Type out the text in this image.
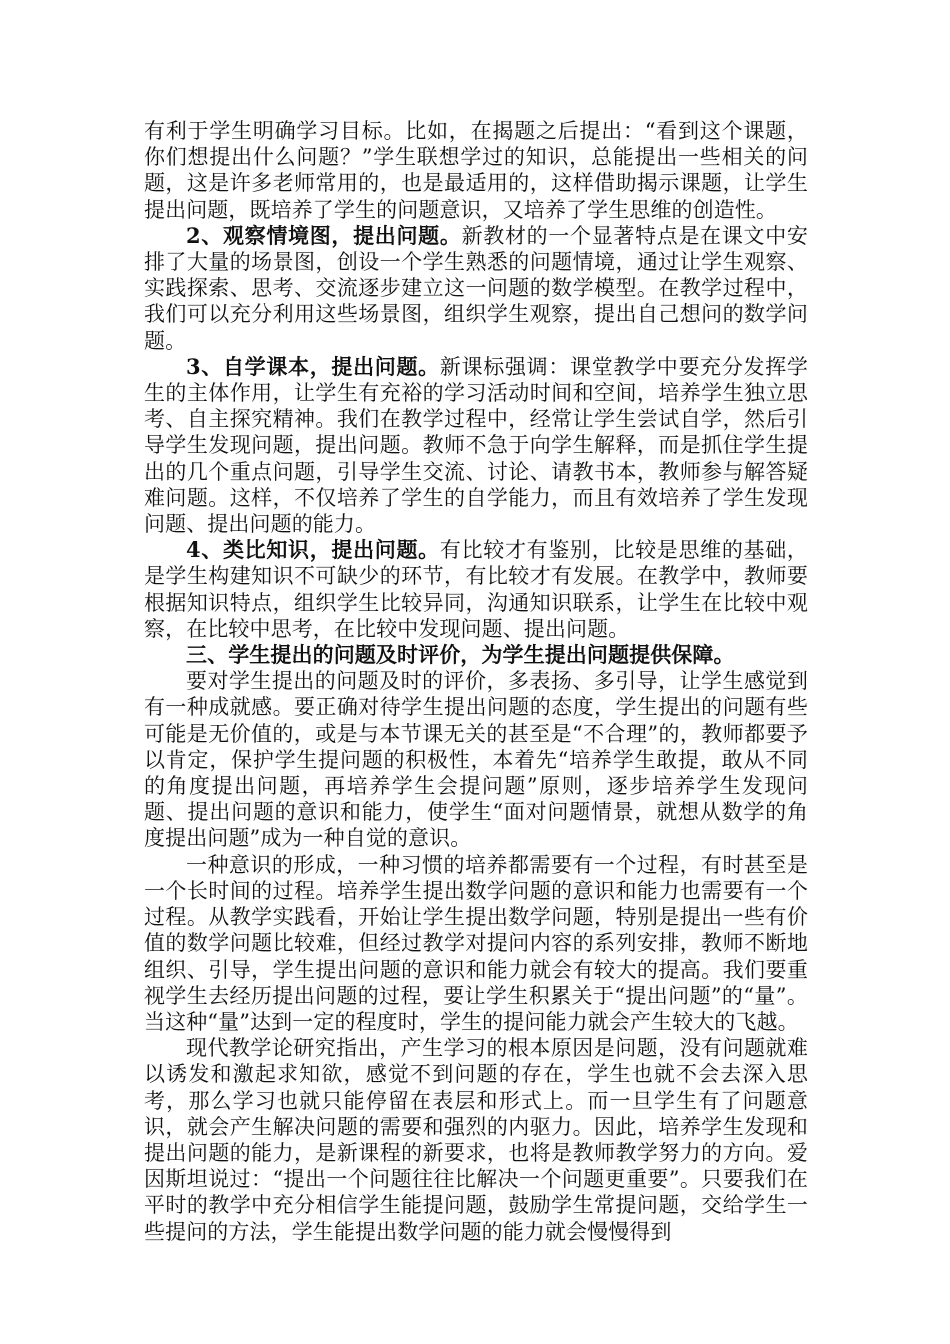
有利于学生明确学习目标。比如，在揭题之后提出：“看到这个课题，你们想提出什么问题？”学生联想学过的知识，总能提出一些相关的问题，这是许多老师常用的，也是最适用的，这样借助揭示课题，让学生提出问题，既培养了学生的问题意识，又培养了学生思维的创造性。

2、观察情境图，提出问题。新教材的一个显著特点是在课文中安排了大量的场景图，创设一个学生熟悉的问题情境，通过让学生观察、实践探索、思考、交流逐步建立这一问题的数学模型。在教学过程中，我们可以充分利用这些场景图，组织学生观察，提出自己想问的数学问题。

3、自学课本，提出问题。新课标强调：课堂教学中要充分发挥学生的主体作用，让学生有充裕的学习活动时间和空间，培养学生独立思考、自主探究精神。我们在教学过程中，经常让学生尝试自学，然后引导学生发现问题，提出问题。教师不急于向学生解释，而是抓住学生提出的几个重点问题，引导学生交流、讨论、请教书本，教师参与解答疑难问题。这样，不仅培养了学生的自学能力，而且有效培养了学生发现问题、提出问题的能力。

4、类比知识，提出问题。有比较才有鉴别，比较是思维的基础，是学生构建知识不可缺少的环节，有比较才有发展。在教学中，教师要根据知识特点，组织学生比较异同，沟通知识联系，让学生在比较中观察，在比较中思考，在比较中发现问题、提出问题。

三、学生提出的问题及时评价，为学生提出问题提供保障。

要对学生提出的问题及时的评价，多表扬、多引导，让学生感觉到有一种成就感。要正确对待学生提出问题的态度，学生提出的问题有些可能是无价值的，或是与本节课无关的甚至是“不合理”的，教师都要予以肯定，保护学生提问题的积极性，本着先“培养学生敢提，敢从不同的角度提出问题，再培养学生会提问题”原则，逐步培养学生发现问题、提出问题的意识和能力，使学生“面对问题情景，就想从数学的角度提出问题”成为一种自觉的意识。

一种意识的形成，一种习惯的培养都需要有一个过程，有时甚至是一个长时间的过程。培养学生提出数学问题的意识和能力也需要有一个过程。从教学实践看，开始让学生提出数学问题，特别是提出一些有价值的数学问题比较难，但经过教学对提问内容的系列安排，教师不断地组织、引导，学生提出问题的意识和能力就会有较大的提高。我们要重视学生去经历提出问题的过程，要让学生积累关于“提出问题”的“量”。当这种“量”达到一定的程度时，学生的提问能力就会产生较大的飞越。

现代教学论研究指出，产生学习的根本原因是问题，没有问题就难以诱发和激起求知欲，感觉不到问题的存在，学生也就不会去深入思考，那么学习也就只能停留在表层和形式上。而一旦学生有了问题意识，就会产生解决问题的需要和强烈的内驱力。因此，培养学生发现和提出问题的能力，是新课程的新要求，也将是教师教学努力的方向。爱因斯坦说过：“提出一个问题往往比解决一个问题更重要”。只要我们在平时的教学中充分相信学生能提问题，鼓励学生常提问题，交给学生一些提问的方法，学生能提出数学问题的能力就会慢慢得到
